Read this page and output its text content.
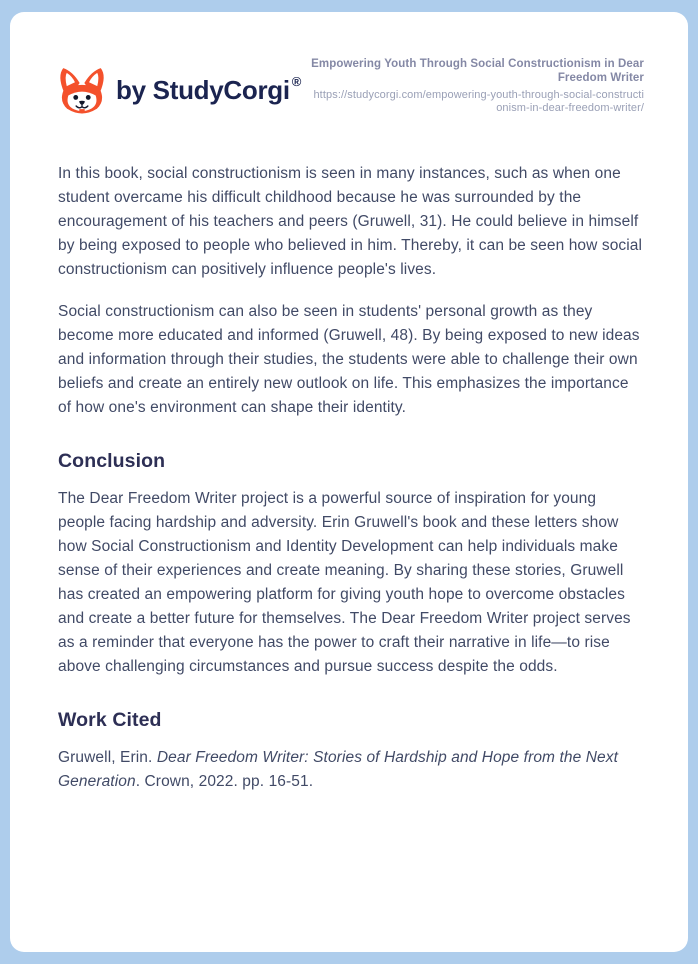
by StudyCorgi ®
Empowering Youth Through Social Constructionism in Dear Freedom Writer
https://studycorgi.com/empowering-youth-through-social-constructionism-in-dear-freedom-writer/

In this book, social constructionism is seen in many instances, such as when one student overcame his difficult childhood because he was surrounded by the encouragement of his teachers and peers (Gruwell, 31). He could believe in himself by being exposed to people who believed in him. Thereby, it can be seen how social constructionism can positively influence people's lives.

Social constructionism can also be seen in students' personal growth as they become more educated and informed (Gruwell, 48). By being exposed to new ideas and information through their studies, the students were able to challenge their own beliefs and create an entirely new outlook on life. This emphasizes the importance of how one's environment can shape their identity.

Conclusion

The Dear Freedom Writer project is a powerful source of inspiration for young people facing hardship and adversity. Erin Gruwell's book and these letters show how Social Constructionism and Identity Development can help individuals make sense of their experiences and create meaning. By sharing these stories, Gruwell has created an empowering platform for giving youth hope to overcome obstacles and create a better future for themselves. The Dear Freedom Writer project serves as a reminder that everyone has the power to craft their narrative in life—to rise above challenging circumstances and pursue success despite the odds.

Work Cited

Gruwell, Erin. Dear Freedom Writer: Stories of Hardship and Hope from the Next Generation. Crown, 2022. pp. 16-51.
